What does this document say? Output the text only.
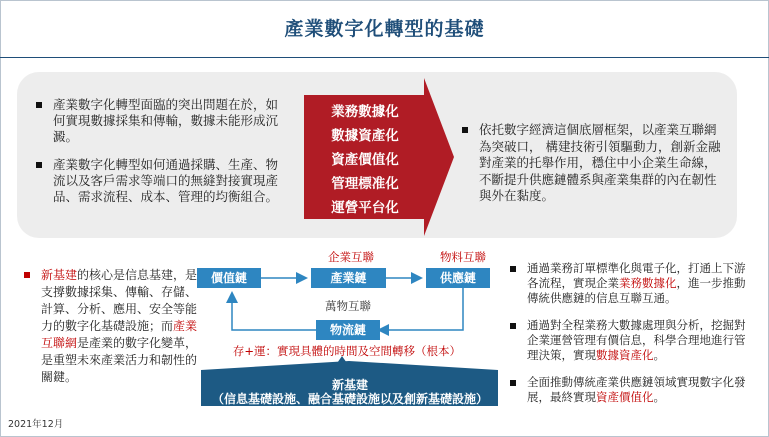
產業數字化轉型的基礎
產業數字化轉型面臨的突出問題在於，如何實現數據採集和傳輸，數據未能形成沉澱。
產業數字化轉型如何通過採購、生產、物流以及客戶需求等端口的無縫對接實現產品、需求流程、成本、管理的均衡組合。
業務數據化
數據資產化
資產價值化
管理標准化
運營平台化
依托數字經濟這個底層框架，以產業互聯網為突破口， 構建技術引領驅動力，創新金融對產業的托舉作用，穩住中小企業生命線，不斷提升供應鏈體系與產業集群的內在韌性與外在黏度。
新基建的核心是信息基建，是支撐數據採集、傳輸、存儲、計算、分析、應用、安全等能力的數字化基礎設施；而產業互聯網是產業的數字化變革，是重塑未來產業活力和韌性的關鍵。
企業互聯	物料互聯
價值鏈	產業鏈	供應鏈
萬物互聯
物流鏈
存+運：實現具體的時間及空間轉移（根本）
新基建
（信息基礎設施、融合基礎設施以及創新基礎設施）
通過業務訂單標準化與電子化，打通上下游各流程，實現企業業務數據化，進一步推動傳統供應鏈的信息互聯互通。
通過對全程業務大數據處理與分析，挖掘對企業運營管理有價信息，科學合理地進行管理決策，實現數據資產化。
全面推動傳統產業供應鏈領域實現數字化發展，最終實現資產價值化。
2021年12月
